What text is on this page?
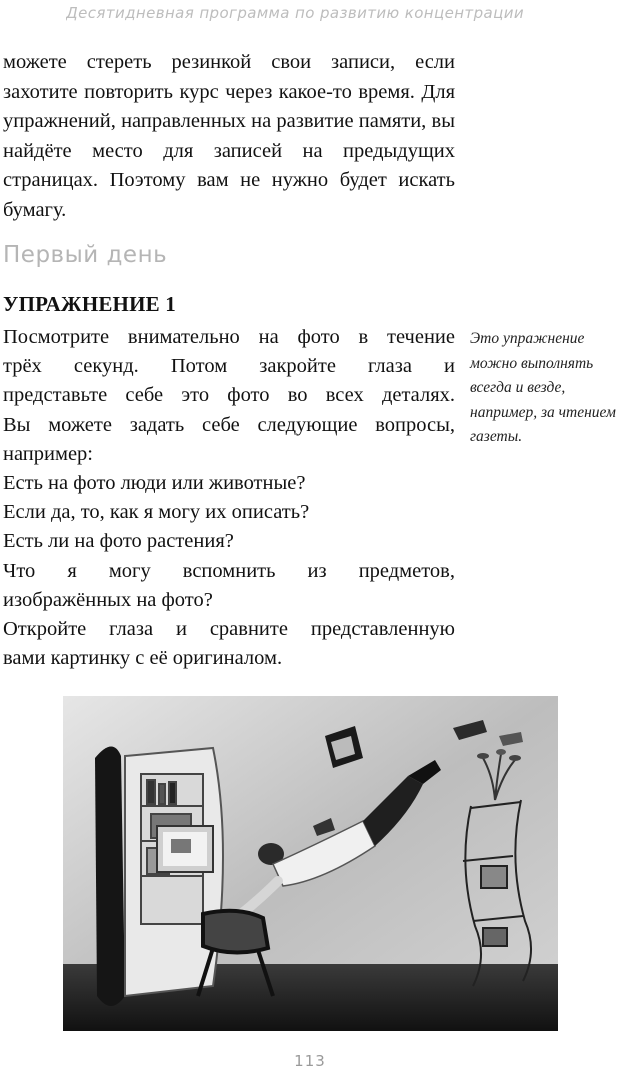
Десятидневная программа по развитию концентрации

можете стереть резинкой свои записи, если захотите повторить курс через какое-то время. Для упражнений, направленных на развитие памяти, вы найдёте место для записей на предыдущих страницах. Поэтому вам не нужно будет искать бумагу.

Первый день
УПРАЖНЕНИЕ 1

Посмотрите внимательно на фото в течение
трёх секунд. Потом закройте глаза и
представьте себе это фото во всех деталях.
Вы можете задать себе следующие вопросы,
например:
Есть на фото люди или животные?
Если да, то, как я могу их описать?
Есть ли на фото растения?
Что я могу вспомнить из предметов,
изображённых на фото?
Откройте глаза и сравните представленную
вами картинку с её оригиналом.

Это упражнение можно выполнять всегда и везде, например, за чтением газеты.

113
